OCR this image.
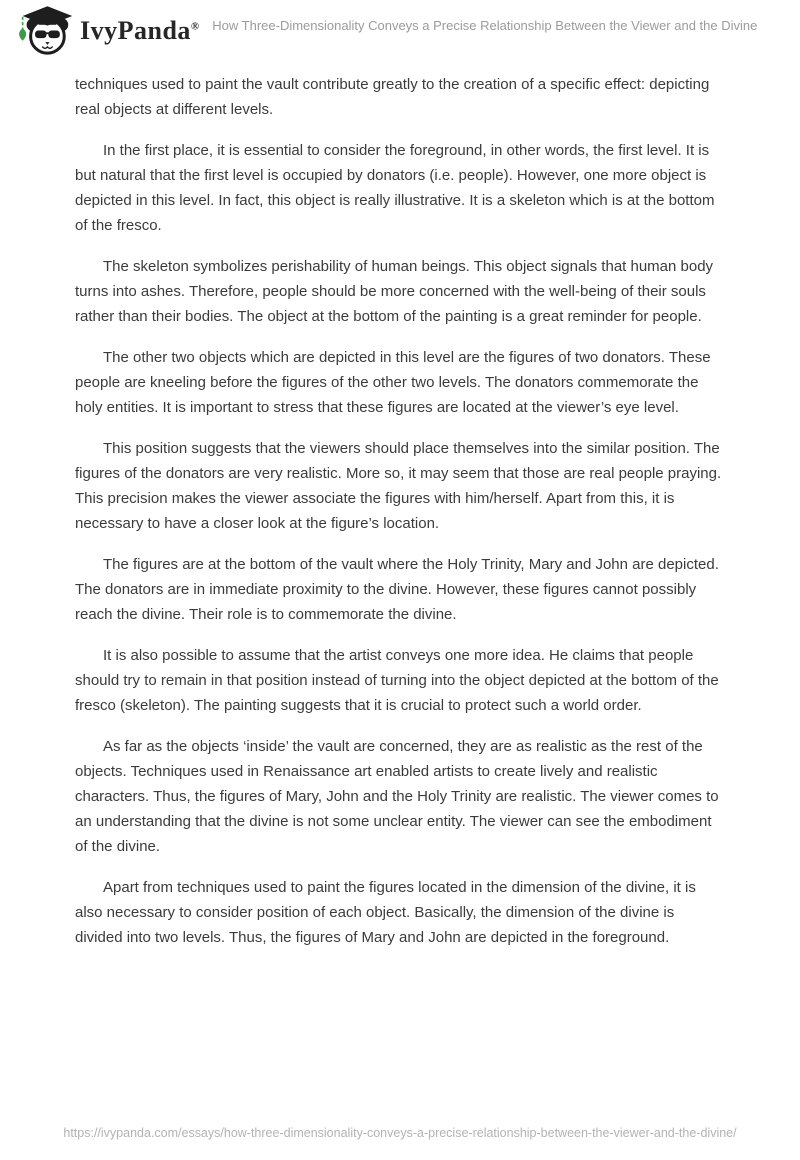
IvyPanda® How Three-Dimensionality Conveys a Precise Relationship Between the Viewer and the Divine

techniques used to paint the vault contribute greatly to the creation of a specific effect: depicting real objects at different levels.

In the first place, it is essential to consider the foreground, in other words, the first level. It is but natural that the first level is occupied by donators (i.e. people). However, one more object is depicted in this level. In fact, this object is really illustrative. It is a skeleton which is at the bottom of the fresco.

The skeleton symbolizes perishability of human beings. This object signals that human body turns into ashes. Therefore, people should be more concerned with the well-being of their souls rather than their bodies. The object at the bottom of the painting is a great reminder for people.

The other two objects which are depicted in this level are the figures of two donators. These people are kneeling before the figures of the other two levels. The donators commemorate the holy entities. It is important to stress that these figures are located at the viewer’s eye level.

This position suggests that the viewers should place themselves into the similar position. The figures of the donators are very realistic. More so, it may seem that those are real people praying. This precision makes the viewer associate the figures with him/herself. Apart from this, it is necessary to have a closer look at the figure’s location.

The figures are at the bottom of the vault where the Holy Trinity, Mary and John are depicted. The donators are in immediate proximity to the divine. However, these figures cannot possibly reach the divine. Their role is to commemorate the divine.

It is also possible to assume that the artist conveys one more idea. He claims that people should try to remain in that position instead of turning into the object depicted at the bottom of the fresco (skeleton). The painting suggests that it is crucial to protect such a world order.

As far as the objects ‘inside’ the vault are concerned, they are as realistic as the rest of the objects. Techniques used in Renaissance art enabled artists to create lively and realistic characters. Thus, the figures of Mary, John and the Holy Trinity are realistic. The viewer comes to an understanding that the divine is not some unclear entity. The viewer can see the embodiment of the divine.

Apart from techniques used to paint the figures located in the dimension of the divine, it is also necessary to consider position of each object. Basically, the dimension of the divine is divided into two levels. Thus, the figures of Mary and John are depicted in the foreground.

https://ivypanda.com/essays/how-three-dimensionality-conveys-a-precise-relationship-between-the-viewer-and-the-divine/
